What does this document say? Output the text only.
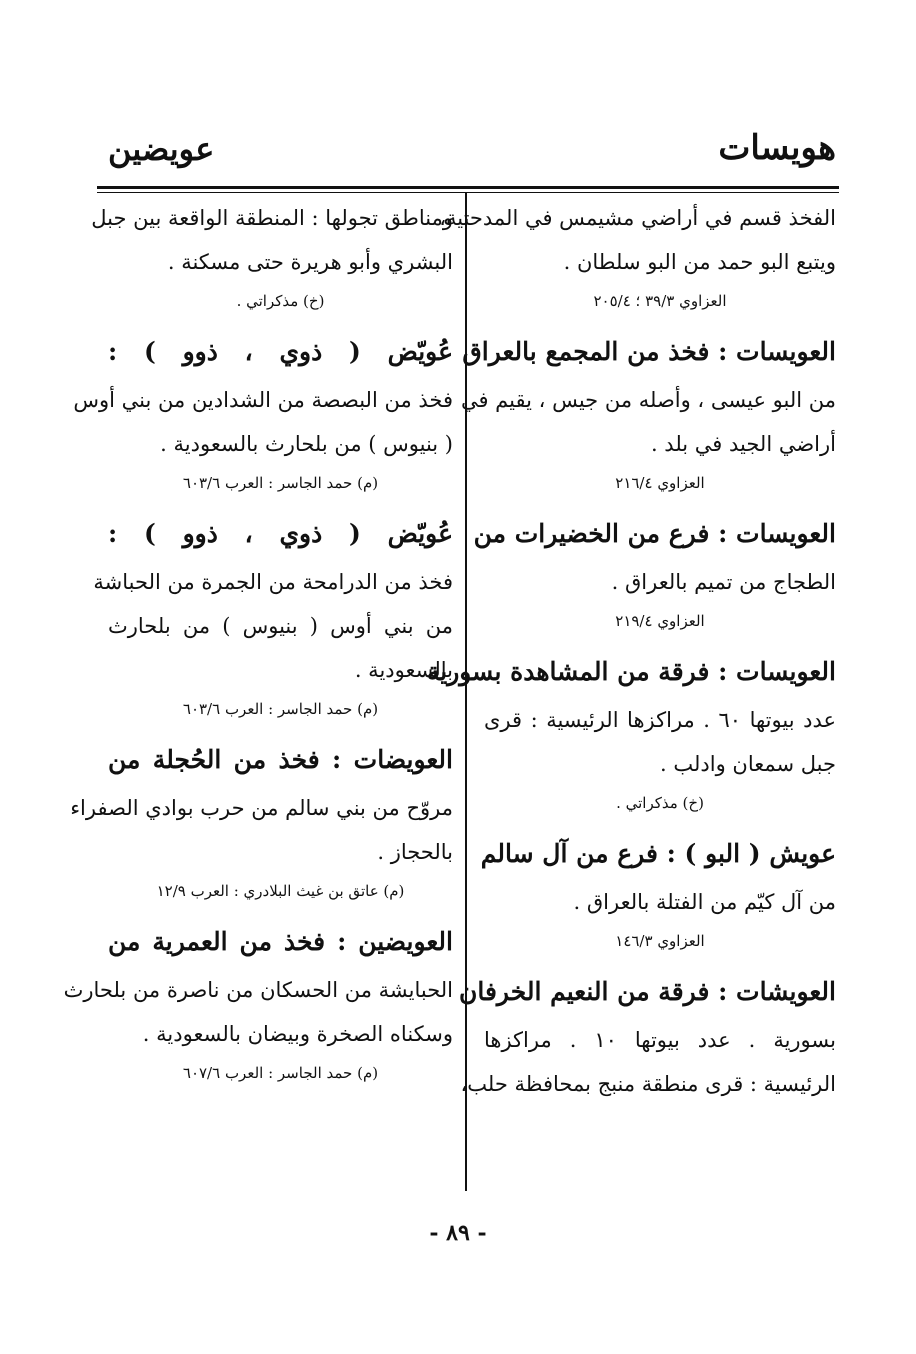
هويسات
عويضين
الفخذ قسم في أراضي مشيمس في المدحتية،
ويتبع البو حمد من البو سلطان .
العزاوي ٣٩/٣ ؛ ٢٠٥/٤
العويسات : فخذ من المجمع بالعراق
من البو عيسى ، وأصله من جيس ، يقيم في
أراضي الجيد في بلد .
العزاوي ٢١٦/٤
العويسات : فرع من الخضيرات من
الطجاج من تميم بالعراق .
العزاوي ٢١٩/٤
العويسات : فرقة من المشاهدة بسورية
عدد بيوتها ٦٠ . مراكزها الرئيسية : قرى
جبل سمعان وادلب .
(خ) مذكراتي .
عويش ( البو ) : فرع من آل سالم
من آل كيّم من الفتلة بالعراق .
العزاوي ١٤٦/٣
العويشات : فرقة من النعيم الخرفان
بسورية . عدد بيوتها ١٠ . مراكزها
الرئيسية : قرى منطقة منبج بمحافظة حلب،
ومناطق تجولها : المنطقة الواقعة بين جبل
البشري وأبو هريرة حتى مسكنة .
(خ) مذكراتي .
عُويّض ( ذوي ، ذوو ) :
فخذ من البصصة من الشدادين من بني أوس
( بنيوس ) من بلحارث بالسعودية .
(م) حمد الجاسر : العرب ٦٠٣/٦
عُويّض ( ذوي ، ذوو ) :
فخذ من الدرامحة من الجمرة من الحباشة
من بني أوس ( بنيوس ) من بلحارث
بالسعودية .
(م) حمد الجاسر : العرب ٦٠٣/٦
العويضات : فخذ من الحُجلة من
مروّح من بني سالم من حرب بوادي الصفراء
بالحجاز .
(م) عاتق بن غيث البلادري : العرب ١٢/٩
العويضين : فخذ من العمرية من
الحبايشة من الحسكان من ناصرة من بلحارث
وسكناه الصخرة وبيضان بالسعودية .
(م) حمد الجاسر : العرب ٦٠٧/٦
- ٨٩ -
